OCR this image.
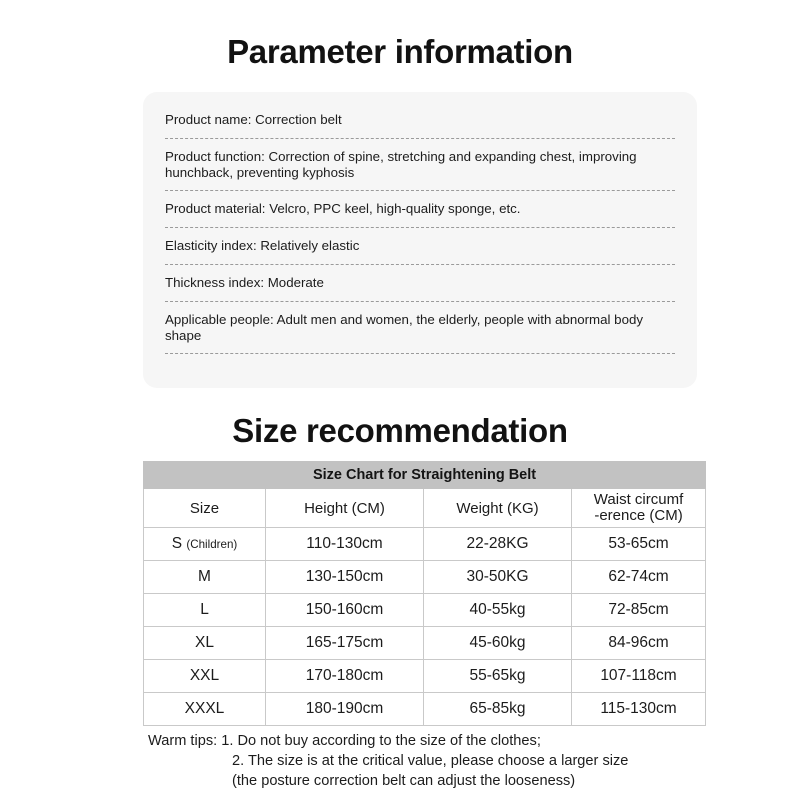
Parameter information
Product name: Correction belt
Product function: Correction of spine, stretching and expanding chest, improving hunchback, preventing kyphosis
Product material: Velcro, PPC keel, high-quality sponge, etc.
Elasticity index: Relatively elastic
Thickness index: Moderate
Applicable people: Adult men and women, the elderly, people with abnormal body shape
Size recommendation
Size Chart for Straightening Belt			
Size	Height (CM)	Weight (KG)	Waist circumf
-erence (CM)

S (Children)	110-130cm	22-28KG	53-65cm
M	130-150cm	30-50KG	62-74cm
L	150-160cm	40-55kg	72-85cm
XL	165-175cm	45-60kg	84-96cm
XXL	170-180cm	55-65kg	107-118cm
XXXL	180-190cm	65-85kg	115-130cm
Warm tips: 1. Do not buy according to the size of the clothes;
2. The size is at the critical value, please choose a larger size
(the posture correction belt can adjust the looseness)
